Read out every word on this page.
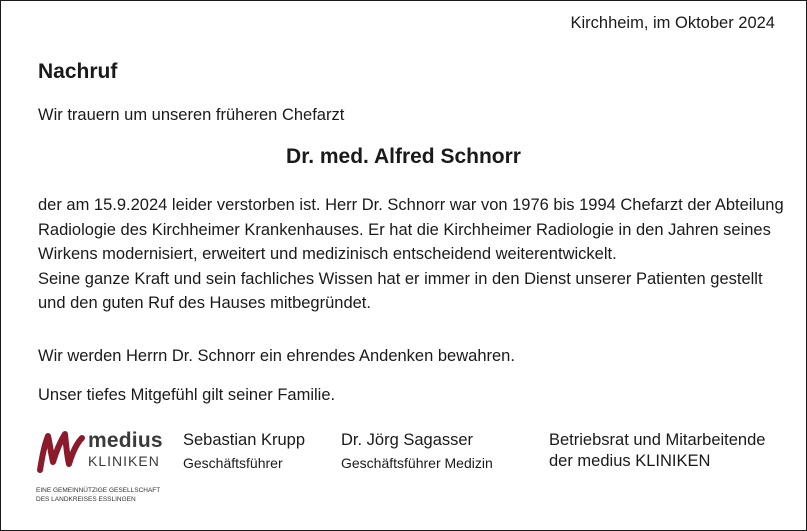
Kirchheim, im Oktober 2024
Nachruf
Wir trauern um unseren früheren Chefarzt
Dr. med. Alfred Schnorr

der am 15.9.2024 leider verstorben ist. Herr Dr. Schnorr war von 1976 bis 1994 Chefarzt der Abteilung Radiologie des Kirchheimer Krankenhauses. Er hat die Kirchheimer Radiologie in den Jahren seines Wirkens modernisiert, erweitert und medizinisch entscheidend weiterentwickelt.

Seine ganze Kraft und sein fachliches Wissen hat er immer in den Dienst unserer Patienten gestellt und den guten Ruf des Hauses mitbegründet.

Wir werden Herrn Dr. Schnorr ein ehrendes Andenken bewahren.
Unser tiefes Mitgefühl gilt seiner Familie.
medius
KLINIKEN
EINE GEMEINNÜTZIGE GESELLSCHAFT
DES LANDKREISES ESSLINGEN
Sebastian Krupp
Geschäftsführer
Dr. Jörg Sagasser
Geschäftsführer Medizin
Betriebsrat und Mitarbeitende
der medius KLINIKEN
